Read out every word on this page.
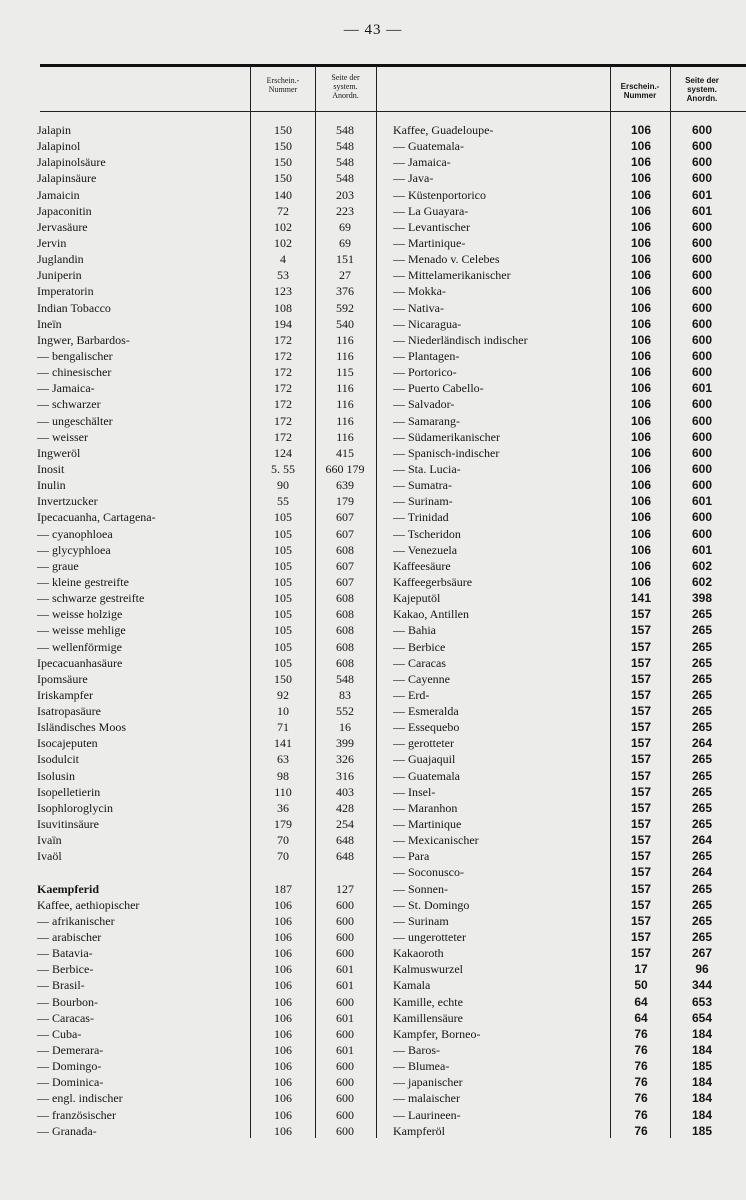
— 43 —
Erschein.-
Nummer
Seite der
system.
Anordn.
Erschein.-
Nummer
Seite der
system.
Anordn.
Jalapin
Jalapinol
Jalapinolsäure
Jalapinsäure
Jamaicin
Japaconitin
Jervasäure
Jervin
Juglandin
Juniperin
Imperatorin
Indian Tobacco
Ineïn
Ingwer, Barbardos-
— bengalischer
— chinesischer
— Jamaica-
— schwarzer
— ungeschälter
— weisser
Ingweröl
Inosit
Inulin
Invertzucker
Ipecacuanha, Cartagena-
— cyanophloea
— glycyphloea
— graue
— kleine gestreifte
— schwarze gestreifte
— weisse holzige
— weisse mehlige
— wellenförmige
Ipecacuanhasäure
Ipomsäure
Iriskampfer
Isatropasäure
Isländisches Moos
Isocajeputen
Isodulcit
Isolusin
Isopelletierin
Isophloroglycin
Isuvitinsäure
Ivaïn
Ivaöl

Kaempferid
Kaffee, aethiopischer
— afrikanischer
— arabischer
— Batavia-
— Berbice-
— Brasil-
— Bourbon-
— Caracas-
— Cuba-
— Demerara-
— Domingo-
— Dominica-
— engl. indischer
— französischer
— Granada-
150
150
150
150
140
72
102
102
4
53
123
108
194
172
172
172
172
172
172
172
124
5. 55
90
55
105
105
105
105
105
105
105
105
105
105
150
92
10
71
141
63
98
110
36
179
70
70

187
106
106
106
106
106
106
106
106
106
106
106
106
106
106
106
548
548
548
548
203
223
69
69
151
27
376
592
540
116
116
115
116
116
116
116
415
660 179
639
179
607
607
608
607
607
608
608
608
608
608
548
83
552
16
399
326
316
403
428
254
648
648

127
600
600
600
600
601
601
600
601
600
601
600
600
600
600
600
Kaffee, Guadeloupe-
— Guatemala-
— Jamaica-
— Java-
— Küstenportorico
— La Guayara-
— Levantischer
— Martinique-
— Menado v. Celebes
— Mittelamerikanischer
— Mokka-
— Nativa-
— Nicaragua-
— Niederländisch indischer
— Plantagen-
— Portorico-
— Puerto Cabello-
— Salvador-
— Samarang-
— Südamerikanischer
— Spanisch-indischer
— Sta. Lucia-
— Sumatra-
— Surinam-
— Trinidad
— Tscheridon
— Venezuela
Kaffeesäure
Kaffeegerbsäure
Kajeputöl
Kakao, Antillen
— Bahia
— Berbice
— Caracas
— Cayenne
— Erd-
— Esmeralda
— Essequebo
— gerotteter
— Guajaquil
— Guatemala
— Insel-
— Maranhon
— Martinique
— Mexicanischer
— Para
— Soconusco-
— Sonnen-
— St. Domingo
— Surinam
— ungerotteter
Kakaoroth
Kalmuswurzel
Kamala
Kamille, echte
Kamillensäure
Kampfer, Borneo-
— Baros-
— Blumea-
— japanischer
— malaischer
— Laurineen-
Kampferöl
106
106
106
106
106
106
106
106
106
106
106
106
106
106
106
106
106
106
106
106
106
106
106
106
106
106
106
106
106
141
157
157
157
157
157
157
157
157
157
157
157
157
157
157
157
157
157
157
157
157
157
157
17
50
64
64
76
76
76
76
76
76
76
600
600
600
600
601
601
600
600
600
600
600
600
600
600
600
600
601
600
600
600
600
600
600
601
600
600
601
602
602
398
265
265
265
265
265
265
265
265
264
265
265
265
265
265
264
265
264
265
265
265
265
267
96
344
653
654
184
184
185
184
184
184
185
